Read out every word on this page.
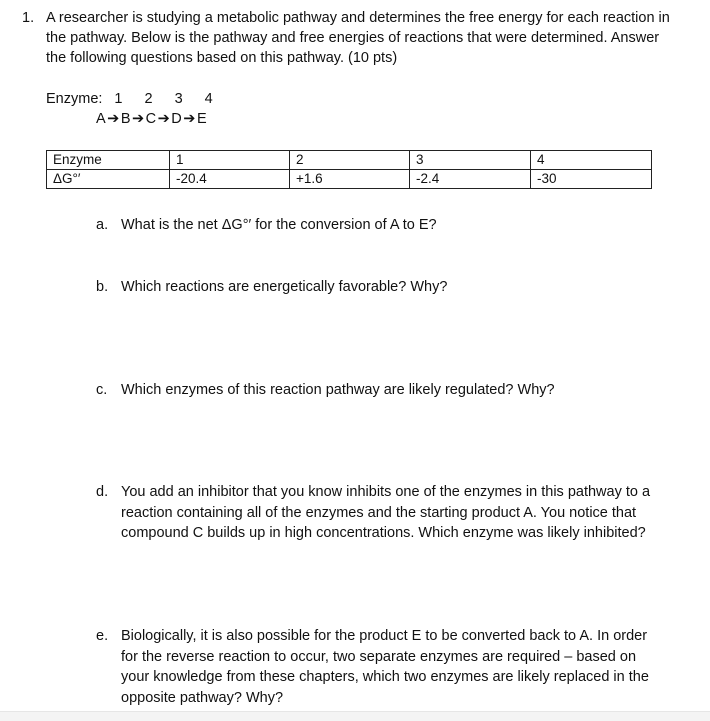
1. A researcher is studying a metabolic pathway and determines the free energy for each reaction in the pathway. Below is the pathway and free energies of reactions that were determined. Answer the following questions based on this pathway. (10 pts)
Enzyme: 1 2 3 4
A➔B➔C➔D➔E
Enzyme	1	2	3	4
ΔG°′	-20.4	+1.6	-2.4	-30
a. What is the net ΔG°′ for the conversion of A to E?
b. Which reactions are energetically favorable? Why?
c. Which enzymes of this reaction pathway are likely regulated? Why?
d. You add an inhibitor that you know inhibits one of the enzymes in this pathway to a reaction containing all of the enzymes and the starting product A. You notice that compound C builds up in high concentrations. Which enzyme was likely inhibited?
e. Biologically, it is also possible for the product E to be converted back to A. In order for the reverse reaction to occur, two separate enzymes are required – based on your knowledge from these chapters, which two enzymes are likely replaced in the opposite pathway? Why?
